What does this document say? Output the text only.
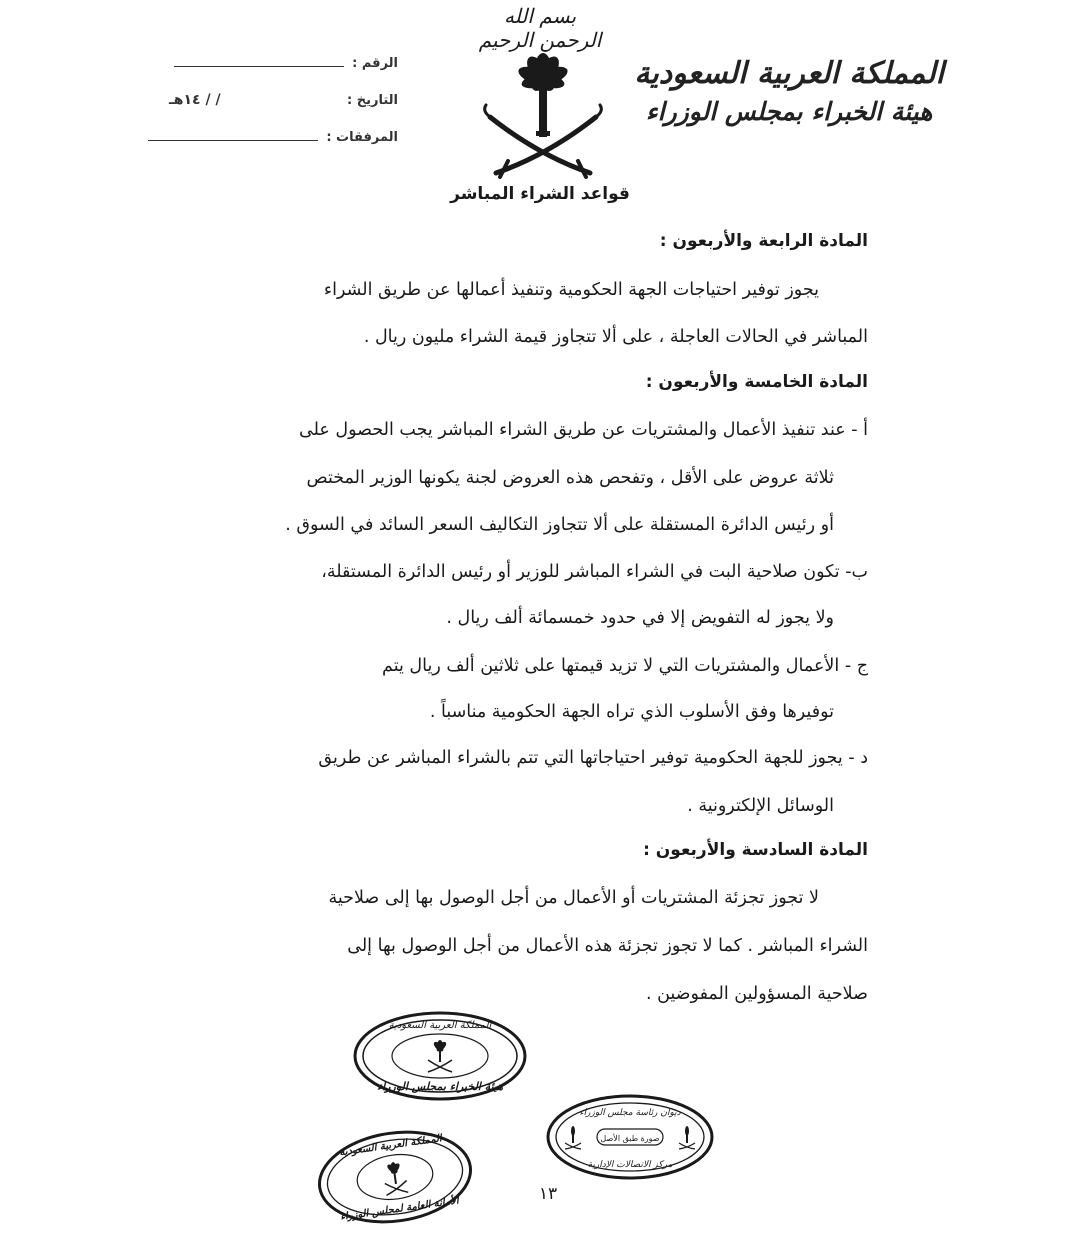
بسم الله الرحمن الرحيم
المملكة العربية السعودية
هيئة الخبراء بمجلس الوزراء
الرقم :
التاريخ :
/ / ١٤هـ
المرفقات :
قواعد الشراء المباشر
المادة الرابعة والأربعون :
يجوز توفير احتياجات الجهة الحكومية وتنفيذ أعمالها عن طريق الشراء
المباشر في الحالات العاجلة ، على ألا تتجاوز قيمة الشراء مليون ريال .
المادة الخامسة والأربعون :
أ - عند تنفيذ الأعمال والمشتريات عن طريق الشراء المباشر يجب الحصول على
ثلاثة عروض على الأقل ، وتفحص هذه العروض لجنة يكونها الوزير المختص
أو رئيس الدائرة المستقلة على ألا تتجاوز التكاليف السعر السائد في السوق .
ب- تكون صلاحية البت في الشراء المباشر للوزير أو رئيس الدائرة المستقلة،
ولا يجوز له التفويض إلا في حدود خمسمائة ألف ريال .
ج - الأعمال والمشتريات التي لا تزيد قيمتها على ثلاثين ألف ريال يتم
توفيرها وفق الأسلوب الذي تراه الجهة الحكومية مناسباً .
د - يجوز للجهة الحكومية توفير احتياجاتها التي تتم بالشراء المباشر عن طريق
الوسائل الإلكترونية .
المادة السادسة والأربعون :
لا تجوز تجزئة المشتريات أو الأعمال من أجل الوصول بها إلى صلاحية
الشراء المباشر . كما لا تجوز تجزئة هذه الأعمال من أجل الوصول بها إلى
صلاحية المسؤولين المفوضين .
المملكة العربية السعودية
هيئة الخبراء بمجلس الوزراء
ديوان رئاسة مجلس الوزراء
صورة طبق الأصل
مركز الاتصالات الإدارية
المملكة العربية السعودية
الأمانة العامة لمجلس الوزراء
١٣
